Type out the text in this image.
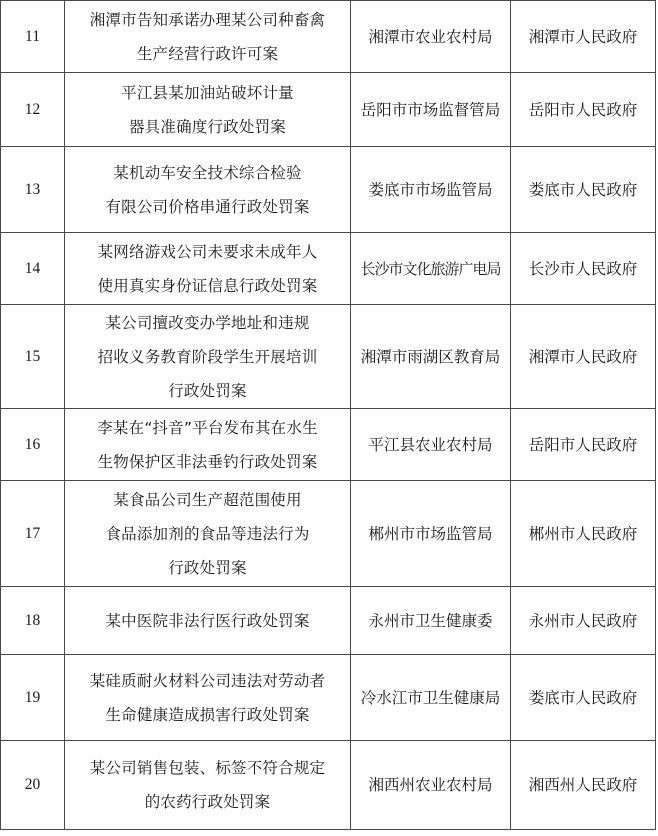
11	湘潭市告知承诺办理某公司种畜禽
生产经营行政许可案	湘潭市农业农村局	湘潭市人民政府
12	平江县某加油站破坏计量
器具准确度行政处罚案	岳阳市市场监督管局	岳阳市人民政府
13	某机动车安全技术综合检验
有限公司价格串通行政处罚案	娄底市市场监管局	娄底市人民政府
14	某网络游戏公司未要求未成年人
使用真实身份证信息行政处罚案	长沙市文化旅游广电局	长沙市人民政府
15	某公司擅改变办学地址和违规
招收义务教育阶段学生开展培训
行政处罚案	湘潭市雨湖区教育局	湘潭市人民政府
16	李某在“抖音”平台发布其在水生
生物保护区非法垂钓行政处罚案	平江县农业农村局	岳阳市人民政府
17	某食品公司生产超范围使用
食品添加剂的食品等违法行为
行政处罚案	郴州市市场监管局	郴州市人民政府
18	某中医院非法行医行政处罚案	永州市卫生健康委	永州市人民政府
19	某硅质耐火材料公司违法对劳动者
生命健康造成损害行政处罚案	冷水江市卫生健康局	娄底市人民政府
20	某公司销售包装、标签不符合规定
的农药行政处罚案	湘西州农业农村局	湘西州人民政府
